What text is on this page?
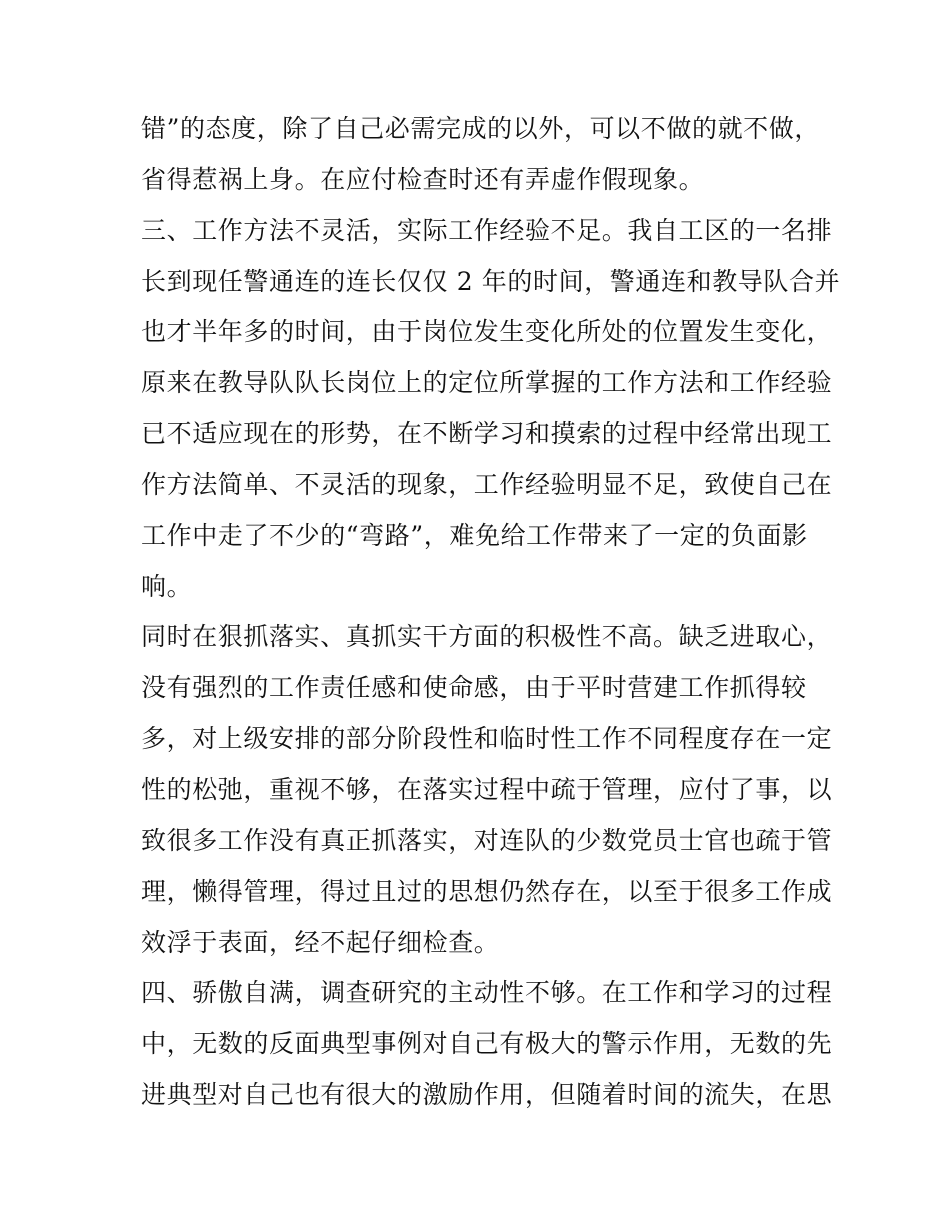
错”的态度，除了自己必需完成的以外，可以不做的就不做，
省得惹祸上身。在应付检查时还有弄虚作假现象。
三、工作方法不灵活，实际工作经验不足。我自工区的一名排
长到现任警通连的连长仅仅 2 年的时间，警通连和教导队合并
也才半年多的时间，由于岗位发生变化所处的位置发生变化，
原来在教导队队长岗位上的定位所掌握的工作方法和工作经验
已不适应现在的形势，在不断学习和摸索的过程中经常出现工
作方法简单、不灵活的现象，工作经验明显不足，致使自己在
工作中走了不少的“弯路”，难免给工作带来了一定的负面影
响。
同时在狠抓落实、真抓实干方面的积极性不高。缺乏进取心，
没有强烈的工作责任感和使命感，由于平时营建工作抓得较
多，对上级安排的部分阶段性和临时性工作不同程度存在一定
性的松弛，重视不够，在落实过程中疏于管理，应付了事，以
致很多工作没有真正抓落实，对连队的少数党员士官也疏于管
理，懒得管理，得过且过的思想仍然存在，以至于很多工作成
效浮于表面，经不起仔细检查。
四、骄傲自满，调查研究的主动性不够。在工作和学习的过程
中，无数的反面典型事例对自己有极大的警示作用，无数的先
进典型对自己也有很大的激励作用，但随着时间的流失，在思
